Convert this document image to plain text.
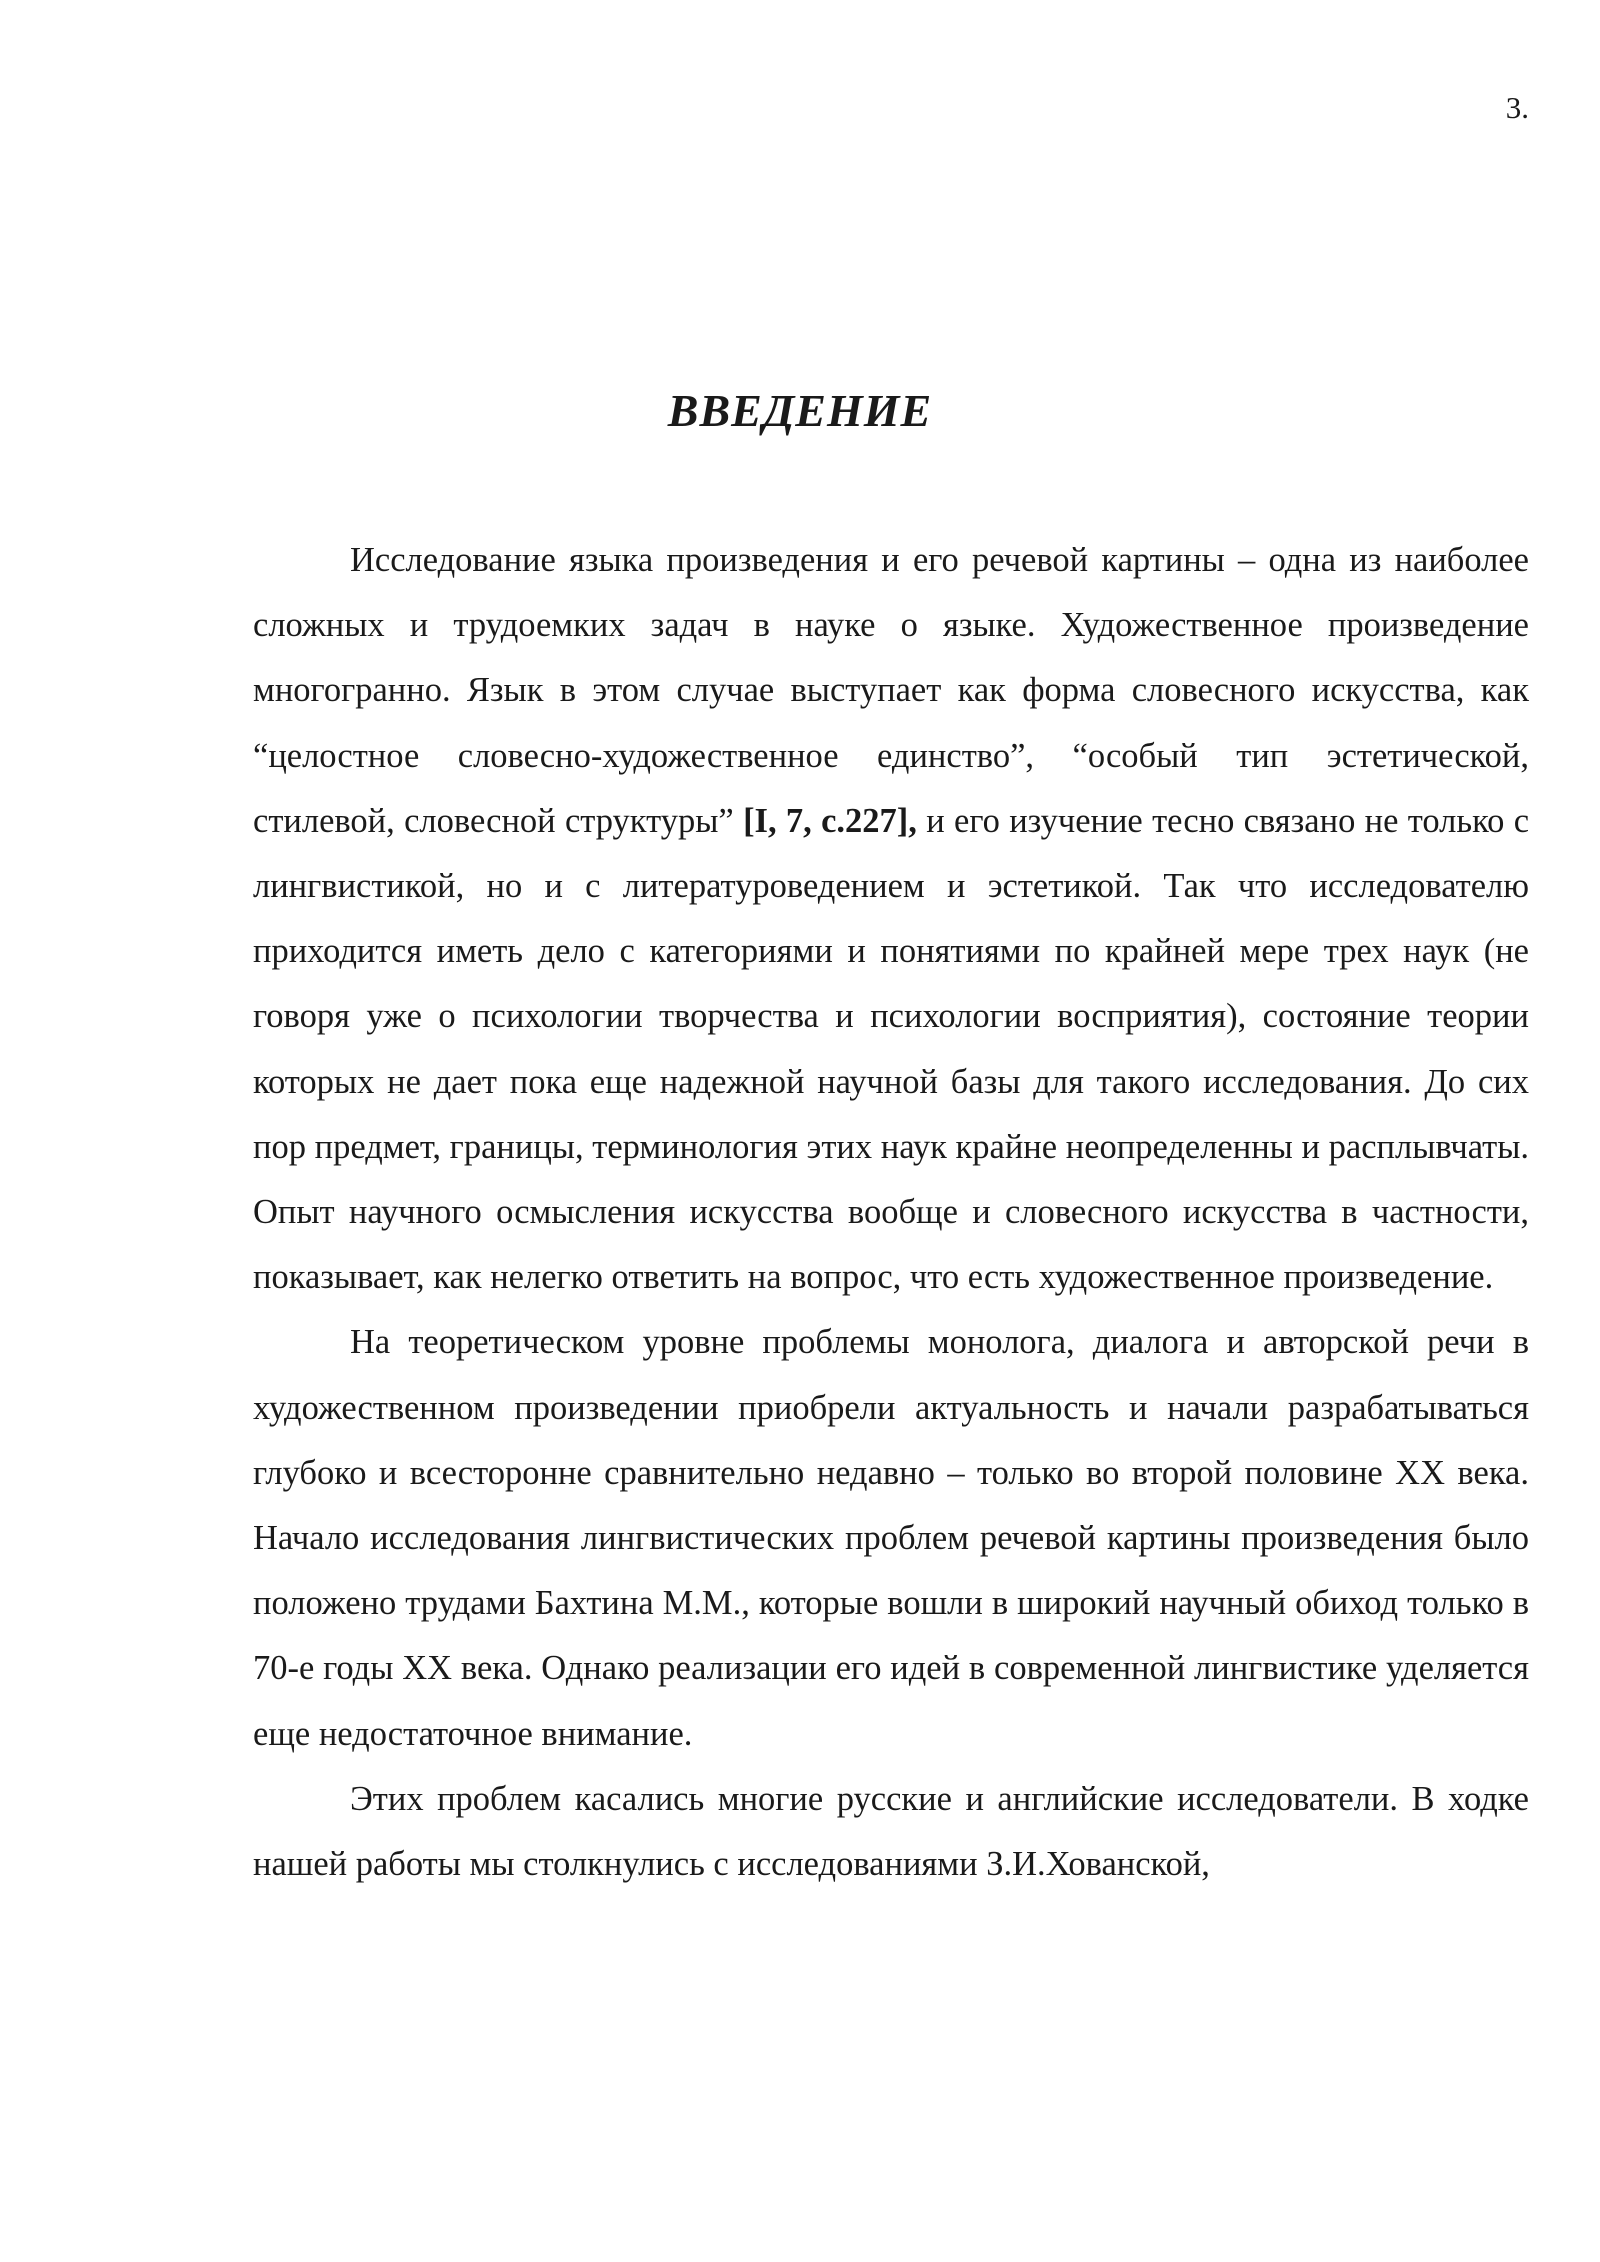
3.
ВВЕДЕНИЕ

Исследование языка произведения и его речевой картины – одна из наиболее сложных и трудоемких задач в науке о языке. Художественное произведение многогранно. Язык в этом случае выступает как форма словесного искусства, как “целостное словесно-художественное единство”, “особый тип эстетической, стилевой, словесной структуры” [I, 7, с.227], и его изучение тесно связано не только с лингвистикой, но и с литературоведением и эстетикой. Так что исследователю приходится иметь дело с категориями и понятиями по крайней мере трех наук (не говоря уже о психологии творчества и психологии восприятия), состояние теории которых не дает пока еще надежной научной базы для такого исследования. До сих пор предмет, границы, терминология этих наук крайне неопределенны и расплывчаты. Опыт научного осмысления искусства вообще и словесного искусства в частности, показывает, как нелегко ответить на вопрос, что есть художественное произведение.

На теоретическом уровне проблемы монолога, диалога и авторской речи в художественном произведении приобрели актуальность и начали разрабатываться глубоко и всесторонне сравнительно недавно – только во второй половине XX века. Начало исследования лингвистических проблем речевой картины произведения было положено трудами Бахтина М.М., которые вошли в широкий научный обиход только в 70-е годы XX века. Однако реализации его идей в современной лингвистике уделяется еще недостаточное внимание.

Этих проблем касались многие русские и английские исследователи. В ходке нашей работы мы столкнулись с исследованиями З.И.Хованской,
